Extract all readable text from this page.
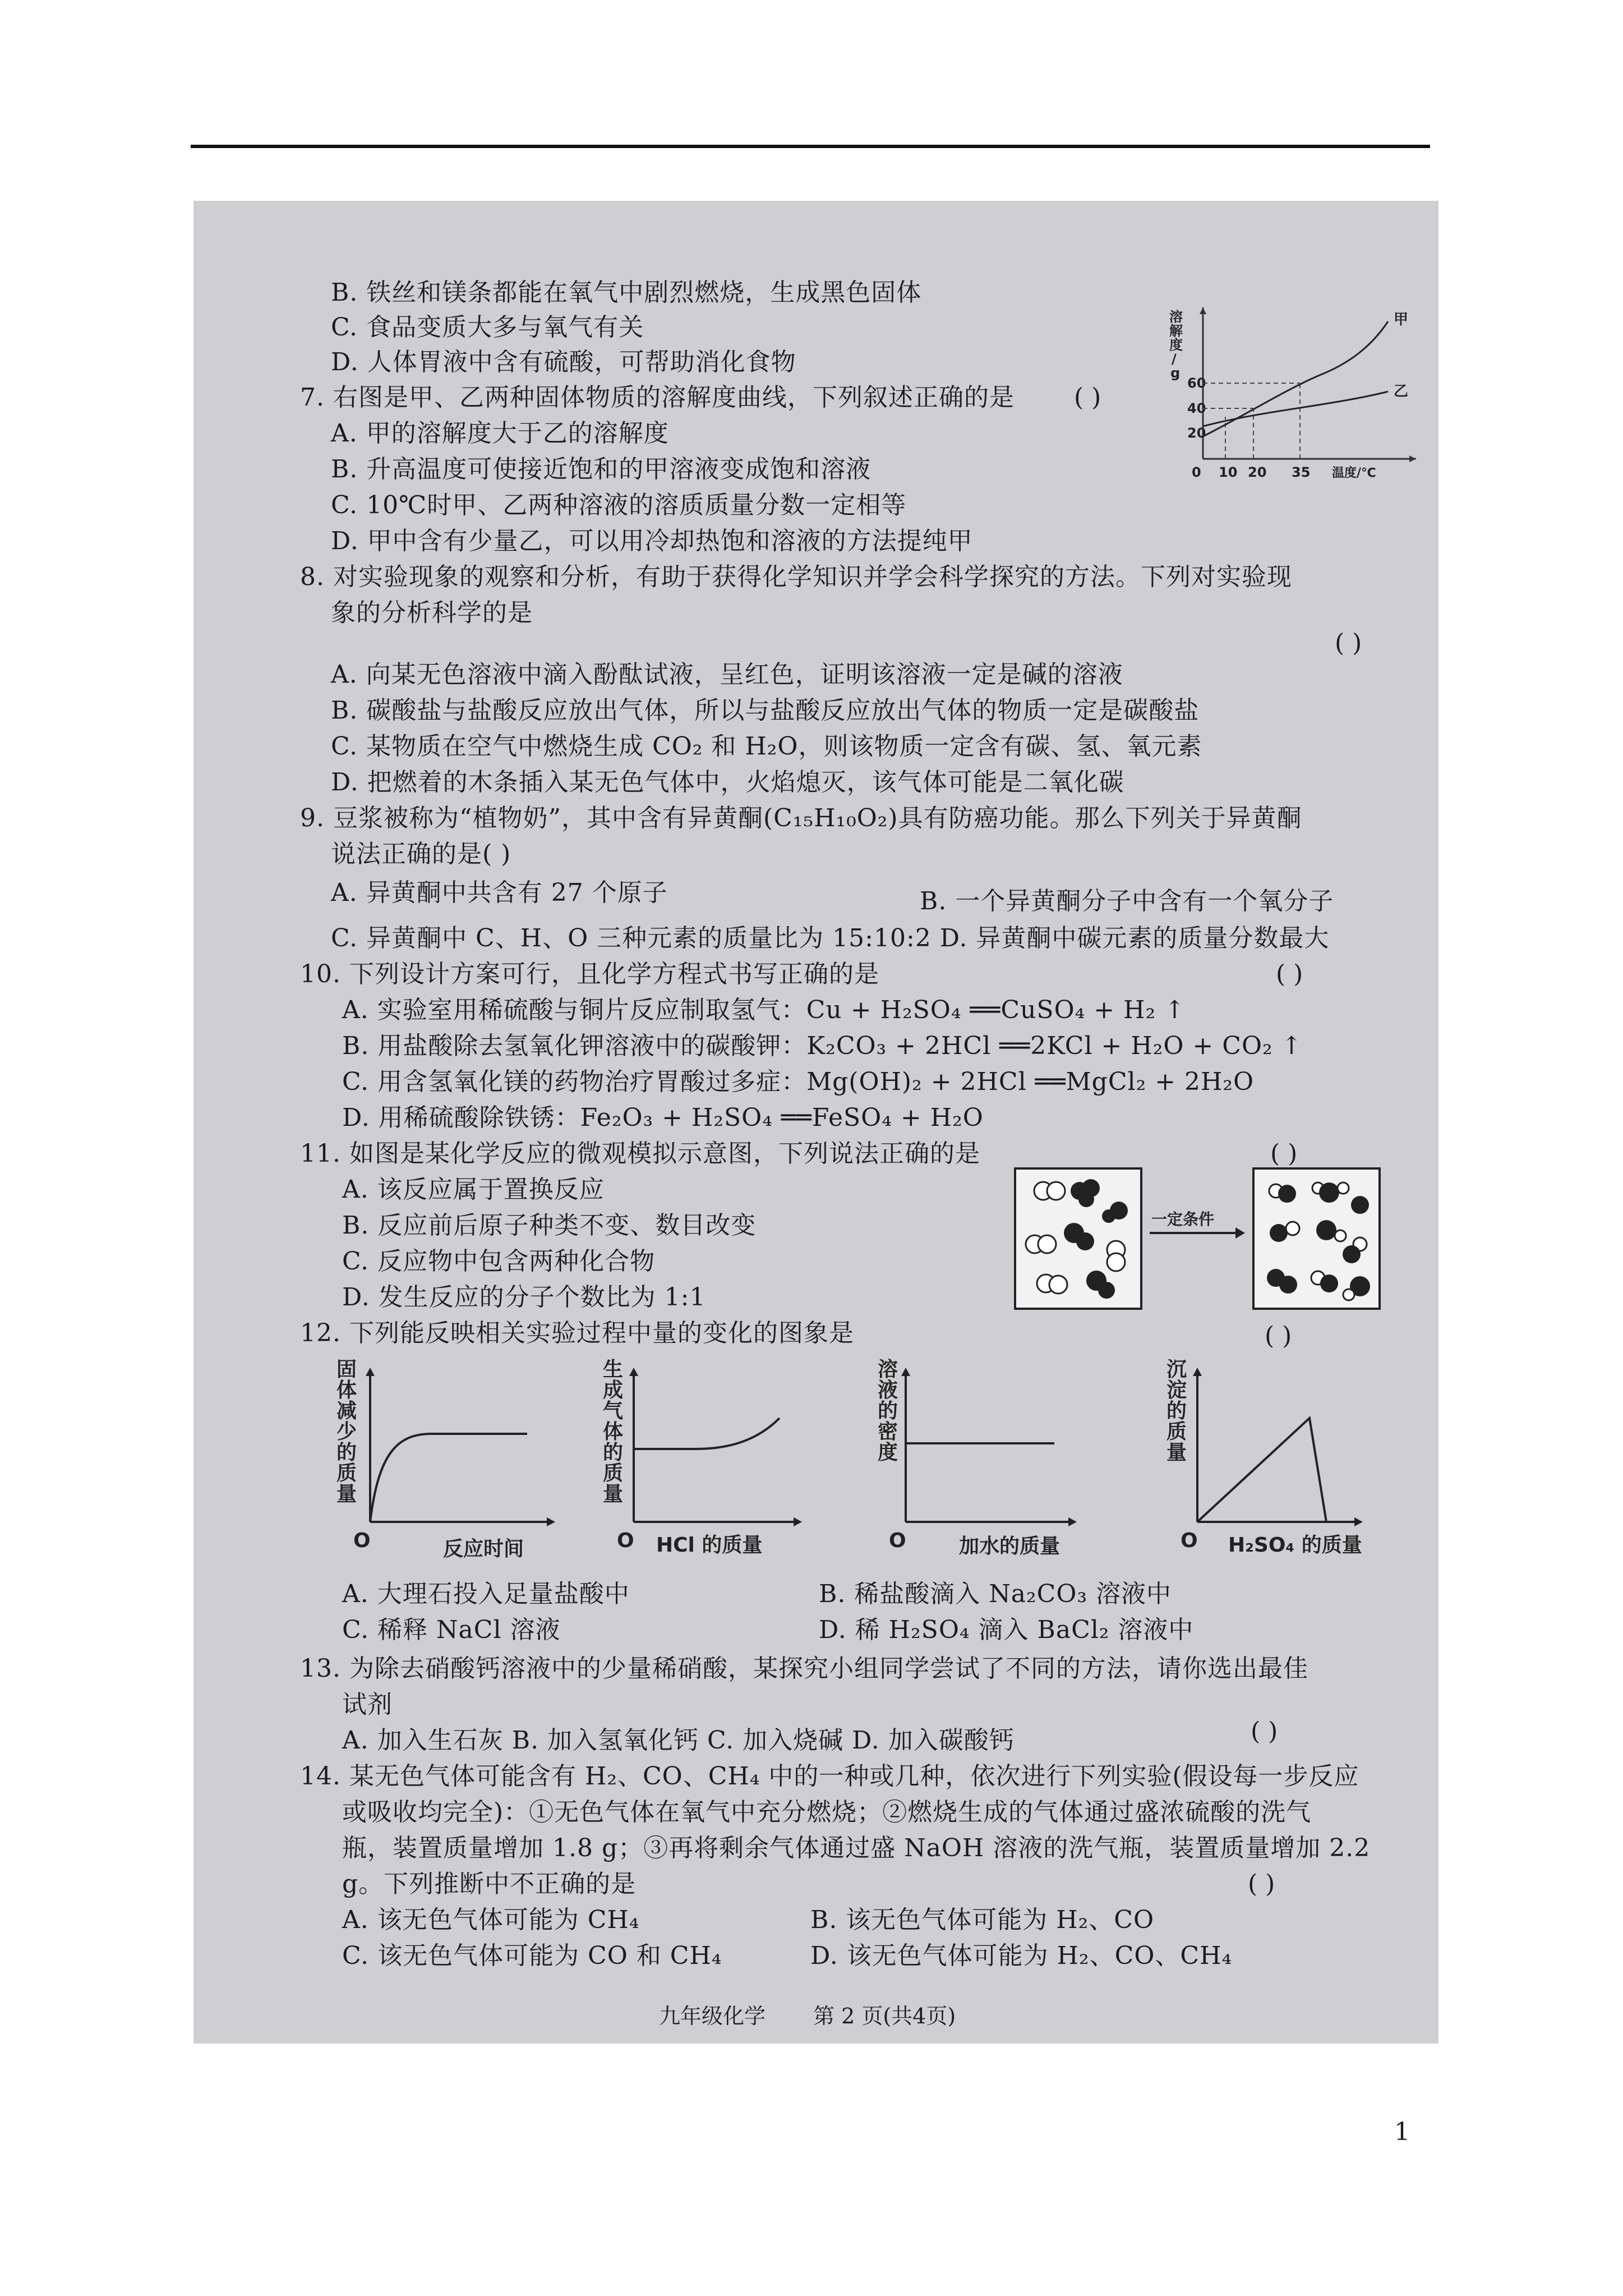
B. 铁丝和镁条都能在氧气中剧烈燃烧，生成黑色固体
C. 食品变质大多与氧气有关
D. 人体胃液中含有硫酸，可帮助消化食物
7. 右图是甲、乙两种固体物质的溶解度曲线，下列叙述正确的是 ( )
A. 甲的溶解度大于乙的溶解度
B. 升高温度可使接近饱和的甲溶液变成饱和溶液
C. 10℃时甲、乙两种溶液的溶质质量分数一定相等
D. 甲中含有少量乙，可以用冷却热饱和溶液的方法提纯甲
溶
解
度
/
g
20
40
60
0 10 20 35 温度/℃
甲
乙
8. 对实验现象的观察和分析，有助于获得化学知识并学会科学探究的方法。下列对实验现
象的分析科学的是
( )
A. 向某无色溶液中滴入酚酞试液，呈红色，证明该溶液一定是碱的溶液
B. 碳酸盐与盐酸反应放出气体，所以与盐酸反应放出气体的物质一定是碳酸盐
C. 某物质在空气中燃烧生成 CO₂ 和 H₂O，则该物质一定含有碳、氢、氧元素
D. 把燃着的木条插入某无色气体中，火焰熄灭，该气体可能是二氧化碳
9. 豆浆被称为“植物奶”，其中含有异黄酮(C₁₅H₁₀O₂)具有防癌功能。那么下列关于异黄酮
说法正确的是( )
A. 异黄酮中共含有 27 个原子	B. 一个异黄酮分子中含有一个氧分子
C. 异黄酮中 C、H、O 三种元素的质量比为 15:10:2 D. 异黄酮中碳元素的质量分数最大
10. 下列设计方案可行，且化学方程式书写正确的是	( )
A. 实验室用稀硫酸与铜片反应制取氢气：Cu + H₂SO₄ ══CuSO₄ + H₂ ↑
B. 用盐酸除去氢氧化钾溶液中的碳酸钾：K₂CO₃ + 2HCl ══2KCl + H₂O + CO₂ ↑
C. 用含氢氧化镁的药物治疗胃酸过多症：Mg(OH)₂ + 2HCl ══MgCl₂ + 2H₂O
D. 用稀硫酸除铁锈：Fe₂O₃ + H₂SO₄ ══FeSO₄ + H₂O
11. 如图是某化学反应的微观模拟示意图，下列说法正确的是	( )
A. 该反应属于置换反应
B. 反应前后原子种类不变、数目改变
C. 反应物中包含两种化合物
D. 发生反应的分子个数比为 1:1
一定条件
12. 下列能反映相关实验过程中量的变化的图象是	( )
固
体
减
少
的
质
量
O	反应时间
生
成
气
体
的
质
量
O HCl 的质量
溶
液
的
密
度
O	加水的质量
沉
淀
的
质
量
O H₂SO₄ 的质量
A. 大理石投入足量盐酸中	B. 稀盐酸滴入 Na₂CO₃ 溶液中
C. 稀释 NaCl 溶液	D. 稀 H₂SO₄ 滴入 BaCl₂ 溶液中
13. 为除去硝酸钙溶液中的少量稀硝酸，某探究小组同学尝试了不同的方法，请你选出最佳
试剂
A. 加入生石灰 B. 加入氢氧化钙 C. 加入烧碱 D. 加入碳酸钙	( )
14. 某无色气体可能含有 H₂、CO、CH₄ 中的一种或几种，依次进行下列实验(假设每一步反应
或吸收均完全)：①无色气体在氧气中充分燃烧；②燃烧生成的气体通过盛浓硫酸的洗气
瓶，装置质量增加 1.8 g；③再将剩余气体通过盛 NaOH 溶液的洗气瓶，装置质量增加 2.2
g。下列推断中不正确的是	( )
A. 该无色气体可能为 CH₄	B. 该无色气体可能为 H₂、CO
C. 该无色气体可能为 CO 和 CH₄	D. 该无色气体可能为 H₂、CO、CH₄
九年级化学 第 2 页(共4页)
1
